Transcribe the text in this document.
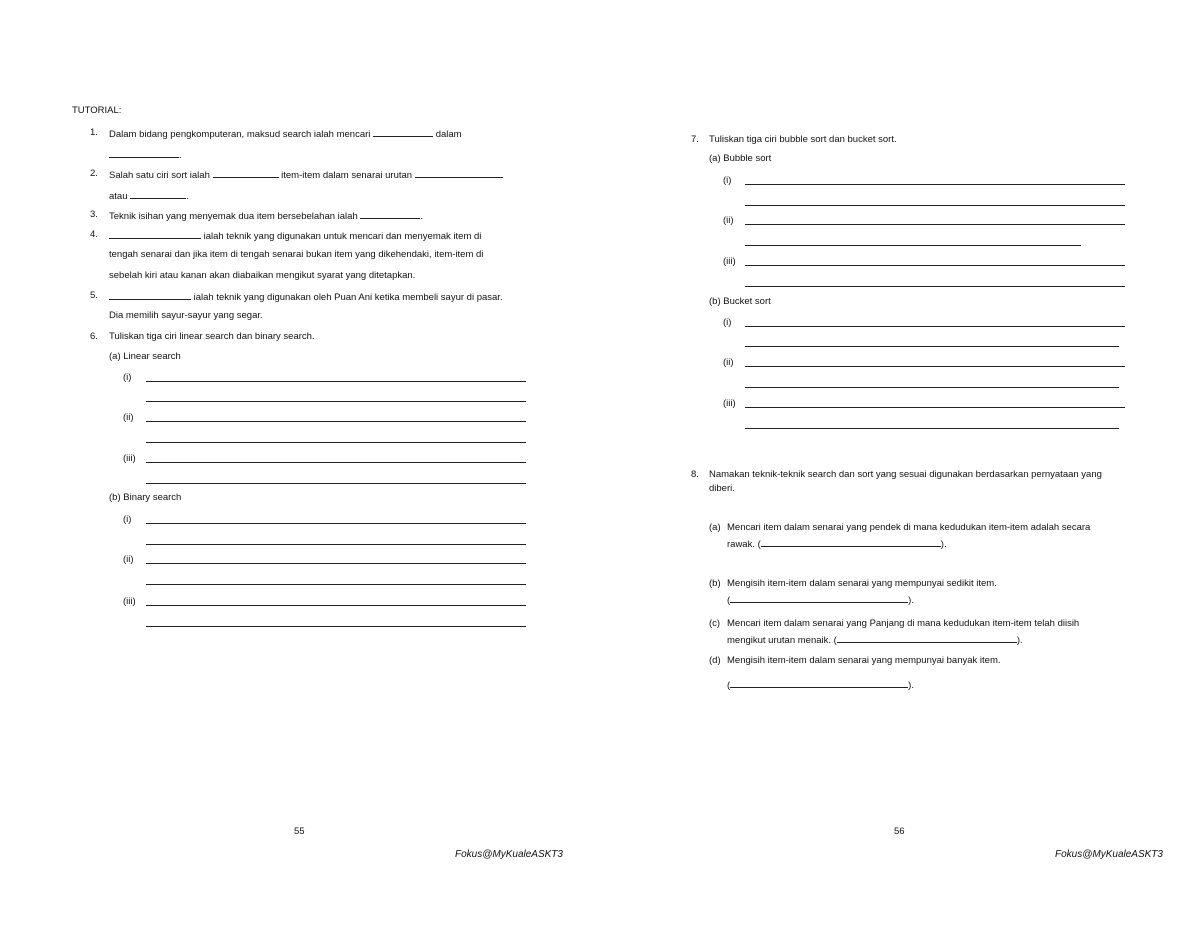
TUTORIAL:
1. Dalam bidang pengkomputeran, maksud search ialah mencari	dalam
.
2. Salah satu ciri sort ialah	item-item dalam senarai urutan
atau	.
3. Teknik isihan yang menyemak dua item bersebelahan ialah	.
4.	ialah teknik yang digunakan untuk mencari dan menyemak item di
tengah senarai dan jika item di tengah senarai bukan item yang dikehendaki, item-item di
sebelah kiri atau kanan akan diabaikan mengikut syarat yang ditetapkan.
5.	ialah teknik yang digunakan oleh Puan Ani ketika membeli sayur di pasar.
Dia memilih sayur-sayur yang segar.
6. Tuliskan tiga ciri linear search dan binary search.
(a) Linear search
(i)
(ii)
(iii)
(b) Binary search
(i)
(ii)
(iii)
55
Fokus@MyKualeASKT3
7. Tuliskan tiga ciri bubble sort dan bucket sort.
(a) Bubble sort
(i)
(ii)
(iii)
(b) Bucket sort
(i)
(ii)
(iii)
8. Namakan teknik-teknik search dan sort yang sesuai digunakan berdasarkan pernyataan yang
diberi.
(a) Mencari item dalam senarai yang pendek di mana kedudukan item-item adalah secara
rawak. (	).
(b) Mengisih item-item dalam senarai yang mempunyai sedikit item.
(	).
(c) Mencari item dalam senarai yang Panjang di mana kedudukan item-item telah diisih
mengikut urutan menaik. (	).
(d) Mengisih item-item dalam senarai yang mempunyai banyak item.
(	).
56
Fokus@MyKualeASKT3
